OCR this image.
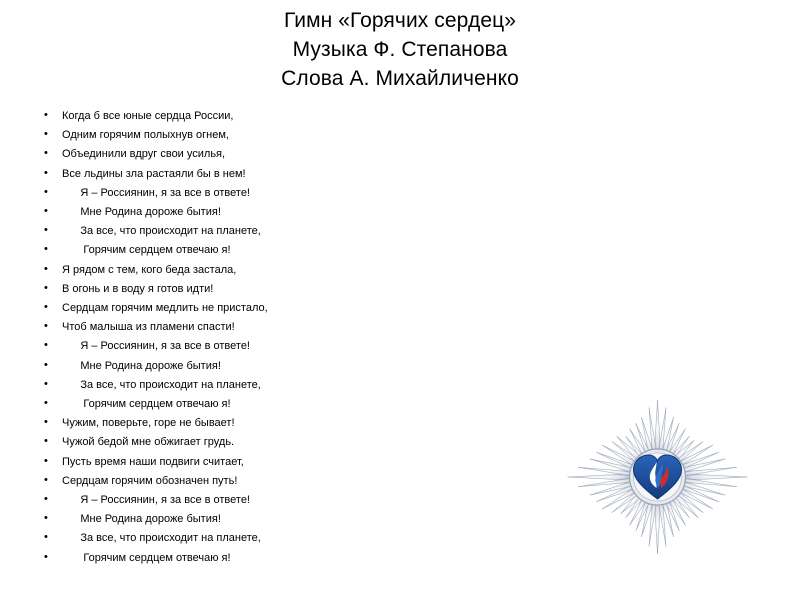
Гимн «Горячих сердец»
Музыка Ф. Степанова
Слова А. Михайличенко
• Когда б все юные сердца России,
• Одним горячим полыхнув огнем,
• Объединили вдруг свои усилья,
• Все льдины зла растаяли бы в нем!
•       Я – Россиянин, я за все в ответе!
•       Мне Родина дороже бытия!
•       За все, что происходит на планете,
•        Горячим сердцем отвечаю я!
• Я рядом с тем, кого беда застала,
• В огонь и в воду я готов идти!
• Сердцам горячим медлить не пристало,
• Чтоб малыша из пламени спасти!
•       Я – Россиянин, я за все в ответе!
•       Мне Родина дороже бытия!
•       За все, что происходит на планете,
•        Горячим сердцем отвечаю я!
• Чужим, поверьте, горе не бывает!
• Чужой бедой мне обжигает грудь.
• Пусть время наши подвиги считает,
• Сердцам горячим обозначен путь!
•       Я – Россиянин, я за все в ответе!
•       Мне Родина дороже бытия!
•       За все, что происходит на планете,
•        Горячим сердцем отвечаю я!
